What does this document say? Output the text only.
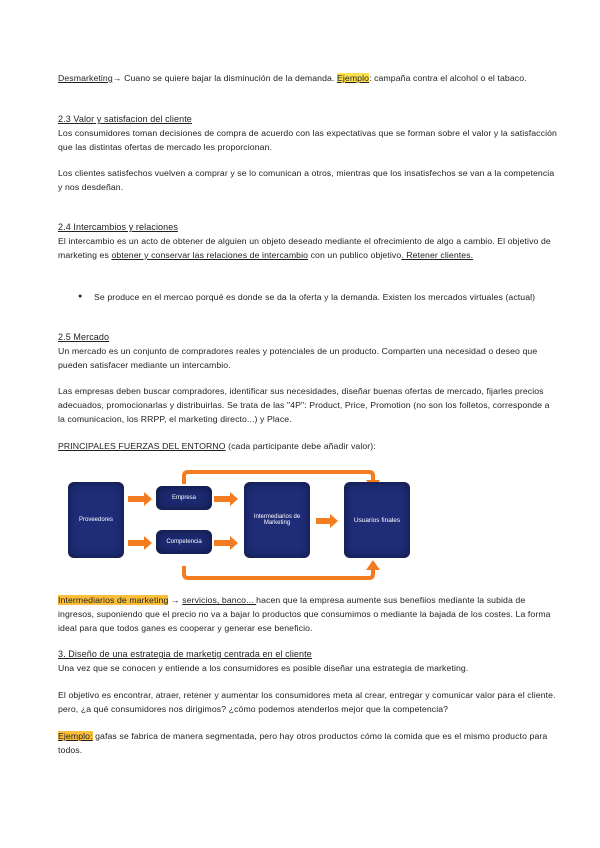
Desmarketing→ Cuano se quiere bajar la disminución de la demanda. Ejemplo: campaña contra el alcohol o el tabaco.

2.3 Valor y satisfacion del cliente
Los consumidores toman decisiones de compra de acuerdo con las expectativas que se forman sobre el valor y la satisfacción que las distintas ofertas de mercado les proporcionan.
Los clientes satisfechos vuelven a comprar y se lo comunican a otros, mientras que los insatisfechos se van a la competencia y nos desdeñan.
2.4 Intercambios y relaciones

El intercambio es un acto de obtener de alguien un objeto deseado mediante el ofrecimiento de algo a cambio. El objetivo de marketing es obtener y conservar las relaciones de intercambio con un publico objetivo. Retener clientes.

● Se produce en el mercao porqué es donde se da la oferta y la demanda. Existen los mercados virtuales (actual)
2.5 Mercado
Un mercado es un conjunto de compradores reales y potenciales de un producto. Comparten una necesidad o deseo que pueden satisfacer mediante un intercambio.
Las empresas deben buscar compradores, identificar sus necesidades, diseñar buenas ofertas de mercado, fijarles precios adecuados, promocionarlas y distribuirlas. Se trata de las "4P": Product, Price, Promotion (no son los folletos, corresponde a la comunicacion, los RRPP, el marketing directo...) y Place.

PRINCIPALES FUERZAS DEL ENTORNO (cada participante debe añadir valor):

Proveedores
Empresa
Competencia
Intermediarios de Marketing	Usuarios finales

Intermediarios de marketing → servicios, banco... hacen que la empresa aumente sus benefiios mediante la subida de ingresos, suponiendo que el precio no va a bajar lo productos que consumimos o mediante la bajada de los costes. La forma ideal para que todos ganes es cooperar y generar ese beneficio.

3. Diseño de una estrategia de marketig centrada en el cliente
Una vez que se conocen y entiende a los consumidores es posible diseñar una estrategia de marketing.
El objetivo es encontrar, atraer, retener y aumentar los consumidores meta al crear, entregar y comunicar valor para el cliente. pero, ¿a qué consumidores nos dirigimos? ¿cómo podemos atenderlos mejor que la competencia?

Ejemplo: gafas se fabrica de manera segmentada, pero hay otros productos cómo la comida que es el mismo producto para todos.
